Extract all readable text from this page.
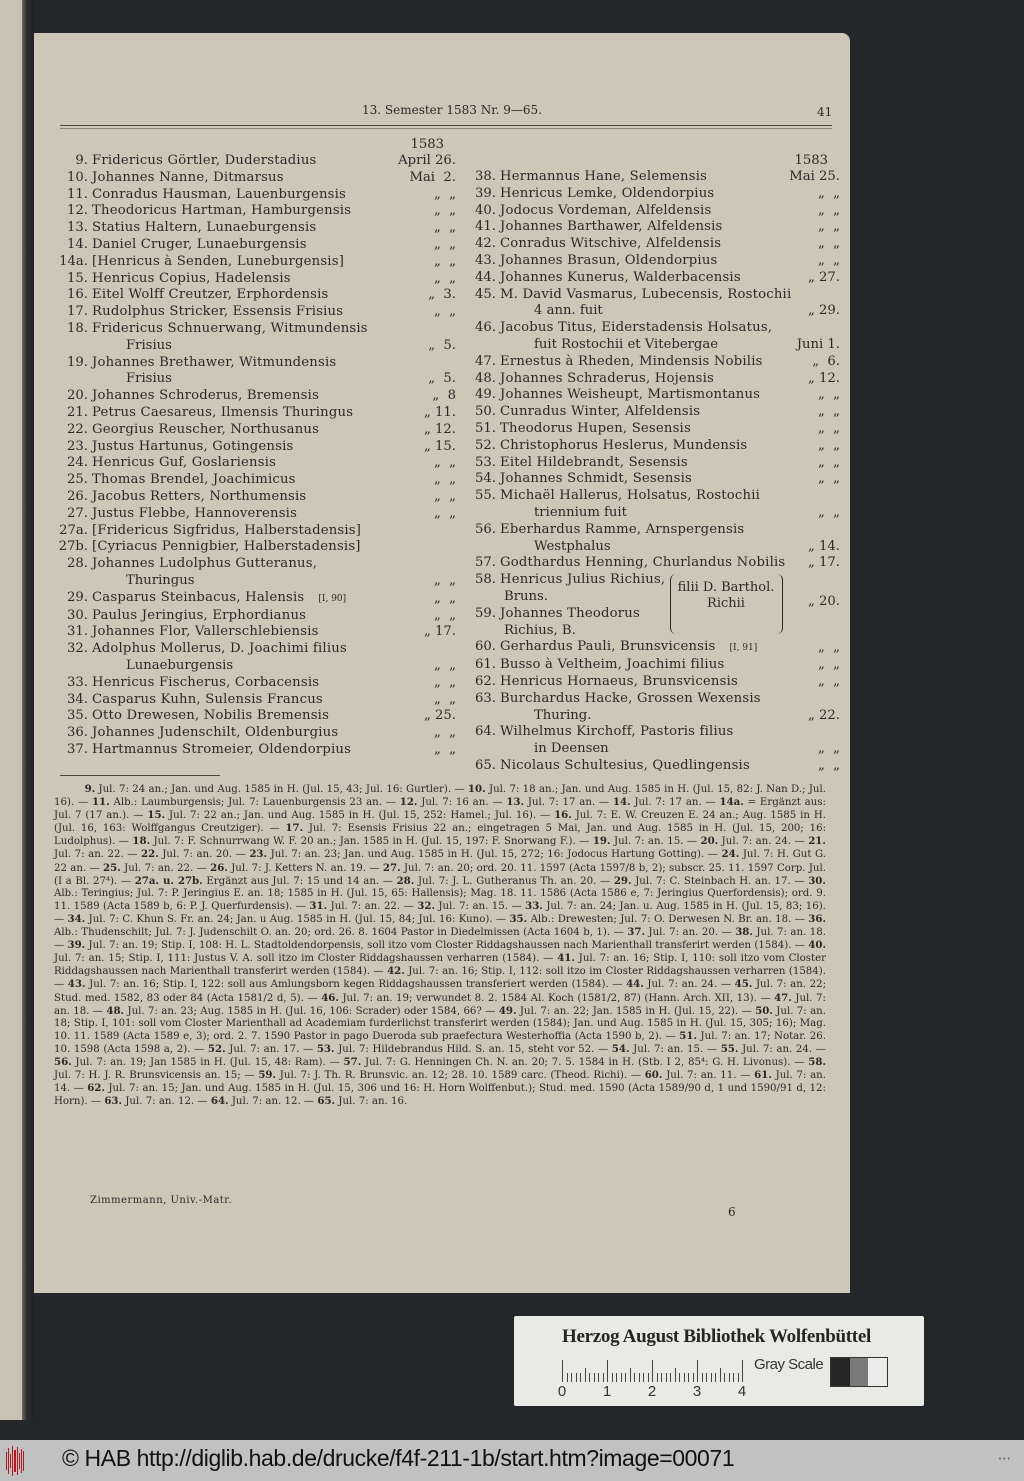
13. Semester 1583 Nr. 9—65.	41
1583
9. Fridericus Görtler, Duderstadius	April 26.
10. Johannes Nanne, Ditmarsus	Mai  2.
11. Conradus Hausman, Lauenburgensis	„  „
12. Theodoricus Hartman, Hamburgensis	„  „
13. Statius Haltern, Lunaeburgensis	„  „
14. Daniel Cruger, Lunaeburgensis	„  „
14a. [Henricus à Senden, Luneburgensis]	„  „
15. Henricus Copius, Hadelensis	„  „
16. Eitel Wolff Creutzer, Erphordensis	„  3.
17. Rudolphus Stricker, Essensis Frisius	„  „
18. Fridericus Schnuerwang, Witmundensis
Frisius	„  5.
19. Johannes Brethawer, Witmundensis
Frisius	„  5.
20. Johannes Schroderus, Bremensis	„  8
21. Petrus Caesareus, Ilmensis Thuringus	„ 11.
22. Georgius Reuscher, Northusanus	„ 12.
23. Justus Hartunus, Gotingensis	„ 15.
24. Henricus Guf, Goslariensis	„  „
25. Thomas Brendel, Joachimicus	„  „
26. Jacobus Retters, Northumensis	„  „
27. Justus Flebbe, Hannoverensis	„  „
27a. [Fridericus Sigfridus, Halberstadensis]
27b. [Cyriacus Pennigbier, Halberstadensis]
28. Johannes Ludolphus Gutteranus,
Thuringus	„  „
29. Casparus Steinbacus, Halensis [I, 90]	„  „
30. Paulus Jeringius, Erphordianus	„  „
31. Johannes Flor, Vallerschlebiensis	„ 17.
32. Adolphus Mollerus, D. Joachimi filius
Lunaeburgensis	„  „
33. Henricus Fischerus, Corbacensis	„  „
34. Casparus Kuhn, Sulensis Francus	„  „
35. Otto Drewesen, Nobilis Bremensis	„ 25.
36. Johannes Judenschilt, Oldenburgius	„  „
37. Hartmannus Stromeier, Oldendorpius	„  „
1583
38. Hermannus Hane, Selemensis	Mai 25.
39. Henricus Lemke, Oldendorpius	„  „
40. Jodocus Vordeman, Alfeldensis	„  „
41. Johannes Barthawer, Alfeldensis	„  „
42. Conradus Witschive, Alfeldensis	„  „
43. Johannes Brasun, Oldendorpius	„  „
44. Johannes Kunerus, Walderbacensis	„ 27.
45. M. David Vasmarus, Lubecensis, Rostochii
4 ann. fuit	„ 29.
46. Jacobus Titus, Eiderstadensis Holsatus,
fuit Rostochii et Vitebergae	Juni 1.
47. Ernestus à Rheden, Mindensis Nobilis	„  6.
48. Johannes Schraderus, Hojensis	„ 12.
49. Johannes Weisheupt, Martismontanus	„  „
50. Cunradus Winter, Alfeldensis	„  „
51. Theodorus Hupen, Sesensis	„  „
52. Christophorus Heslerus, Mundensis	„  „
53. Eitel Hildebrandt, Sesensis	„  „
54. Johannes Schmidt, Sesensis	„  „
55. Michaël Hallerus, Holsatus, Rostochii
triennium fuit	„  „
56. Eberhardus Ramme, Arnspergensis
Westphalus	„ 14.
57. Godthardus Henning, Churlandus Nobilis	„ 17.
58. Henricus Julius Richius,
Bruns.
59. Johannes Theodorus
Richius, B.
filii D. Barthol.
Richii	„ 20.
60. Gerhardus Pauli, Brunsvicensis [I, 91]	„  „
61. Busso à Veltheim, Joachimi filius	„  „
62. Henricus Hornaeus, Brunsvicensis	„  „
63. Burchardus Hacke, Grossen Wexensis
Thuring.	„ 22.
64. Wilhelmus Kirchoff, Pastoris filius
in Deensen	„  „
65. Nicolaus Schultesius, Quedlingensis	„  „
   9. Jul. 7: 24 an.; Jan. und Aug. 1585 in H. (Jul. 15, 43; Jul. 16: Gurtler). — 10. Jul. 7: 18 an.; Jan. und Aug. 1585 in H. (Jul. 15, 82: J. Nan D.; Jul. 16). — 11. Alb.: Laumburgensis; Jul. 7: Lauenburgensis 23 an. — 12. Jul. 7: 16 an. — 13. Jul. 7: 17 an. — 14. Jul. 7: 17 an. — 14a. = Ergänzt aus: Jul. 7 (17 an.). — 15. Jul. 7: 22 an.; Jan. und Aug. 1585 in H. (Jul. 15, 252: Hamel.; Jul. 16). — 16. Jul. 7: E. W. Creuzen E. 24 an.; Aug. 1585 in H. (Jul. 16, 163: Wolffgangus Creutziger). — 17. Jul. 7: Esensis Frisius 22 an.; eingetragen 5 Mai, Jan. und Aug. 1585 in H. (Jul. 15, 200; 16: Ludolphus). — 18. Jul. 7: F. Schnurrwang W. F. 20 an.; Jan. 1585 in H. (Jul. 15, 197: F. Snorwang F.). — 19. Jul. 7: an. 15. — 20. Jul. 7: an. 24. — 21. Jul. 7: an. 22. — 22. Jul. 7: an. 20. — 23. Jul. 7: an. 23; Jan. und Aug. 1585 in H. (Jul. 15, 272; 16: Jodocus Hartung Gotting). — 24. Jul. 7: H. Gut G. 22 an. — 25. Jul. 7: an. 22. — 26. Jul. 7: J. Ketters N. an. 19. — 27. Jul. 7: an. 20; ord. 20. 11. 1597 (Acta 1597/8 b, 2); subscr. 25. 11. 1597 Corp. Jul. (I a Bl. 27⁴). — 27a. u. 27b. Ergänzt aus Jul. 7: 15 und 14 an. — 28. Jul. 7: J. L. Gutheranus Th. an. 20. — 29. Jul. 7: C. Steinbach H. an. 17. — 30. Alb.: Teringius; Jul. 7: P. Jeringius E. an. 18; 1585 in H. (Jul. 15, 65: Hallensis); Mag. 18. 11. 1586 (Acta 1586 e, 7: Jeringius Querfordensis); ord. 9. 11. 1589 (Acta 1589 b, 6: P. J. Querfurdensis). — 31. Jul. 7: an. 22. — 32. Jul. 7: an. 15. — 33. Jul. 7: an. 24; Jan. u. Aug. 1585 in H. (Jul. 15, 83; 16). — 34. Jul. 7: C. Khun S. Fr. an. 24; Jan. u Aug. 1585 in H. (Jul. 15, 84; Jul. 16: Kuno). — 35. Alb.: Drewesten; Jul. 7: O. Derwesen N. Br. an. 18. — 36. Alb.: Thudenschilt; Jul. 7: J. Judenschilt O. an. 20; ord. 26. 8. 1604 Pastor in Diedelmissen (Acta 1604 b, 1). — 37. Jul. 7: an. 20. — 38. Jul. 7: an. 18. — 39. Jul. 7: an. 19; Stip. I, 108: H. L. Stadtoldendorpensis, soll itzo vom Closter Riddagshaussen nach Marienthall transferirt werden (1584). — 40. Jul. 7: an. 15; Stip. I, 111: Justus V. A. soll itzo im Closter Riddagshaussen verharren (1584). — 41. Jul. 7: an. 16; Stip. I, 110: soll itzo vom Closter Riddagshaussen nach Marienthall transferirt werden (1584). — 42. Jul. 7: an. 16; Stip. I, 112: soll itzo im Closter Riddagshaussen verharren (1584). — 43. Jul. 7: an. 16; Stip. I, 122: soll aus Amlungsborn kegen Riddagshaussen transferiert werden (1584). — 44. Jul. 7: an. 24. — 45. Jul. 7: an. 22; Stud. med. 1582, 83 oder 84 (Acta 1581/2 d, 5). — 46. Jul. 7: an. 19; verwundet 8. 2. 1584 Al. Koch (1581/2, 87) (Hann. Arch. XII, 13). — 47. Jul. 7: an. 18. — 48. Jul. 7: an. 23; Aug. 1585 in H. (Jul. 16, 106: Scrader) oder 1584, 66? — 49. Jul. 7: an. 22; Jan. 1585 in H. (Jul. 15, 22). — 50. Jul. 7: an. 18; Stip. I, 101: soll vom Closter Marienthall ad Academiam furderlichst transferirt werden (1584); Jan. und Aug. 1585 in H. (Jul. 15, 305; 16); Mag. 10. 11. 1589 (Acta 1589 e, 3); ord. 2. 7. 1590 Pastor in pago Dueroda sub praefectura Westerhoffia (Acta 1590 b, 2). — 51. Jul. 7: an. 17; Notar. 26. 10. 1598 (Acta 1598 a, 2). — 52. Jul. 7: an. 17. — 53. Jul. 7: Hildebrandus Hild. S. an. 15, steht vor 52. — 54. Jul. 7: an. 15. — 55. Jul. 7: an. 24. — 56. Jul. 7: an. 19; Jan 1585 in H. (Jul. 15, 48: Ram). — 57. Jul. 7: G. Henningen Ch. N. an. 20; 7. 5. 1584 in H. (Stb. I 2, 85⁴: G. H. Livonus). — 58. Jul. 7: H. J. R. Brunsvicensis an. 15; — 59. Jul. 7: J. Th. R. Brunsvic. an. 12; 28. 10. 1589 carc. (Theod. Richi). — 60. Jul. 7: an. 11. — 61. Jul. 7: an. 14. — 62. Jul. 7: an. 15; Jan. und Aug. 1585 in H. (Jul. 15, 306 und 16: H. Horn Wolffenbut.); Stud. med. 1590 (Acta 1589/90 d, 1 und 1590/91 d, 12: Horn). — 63. Jul. 7: an. 12. — 64. Jul. 7: an. 12. — 65. Jul. 7: an. 16.
Zimmermann, Univ.-Matr.
6
Herzog August Bibliothek Wolfenbüttel
0 1 2 3 4
Gray Scale
© HAB http://diglib.hab.de/drucke/f4f-211-1b/start.htm?image=00071	• • •
